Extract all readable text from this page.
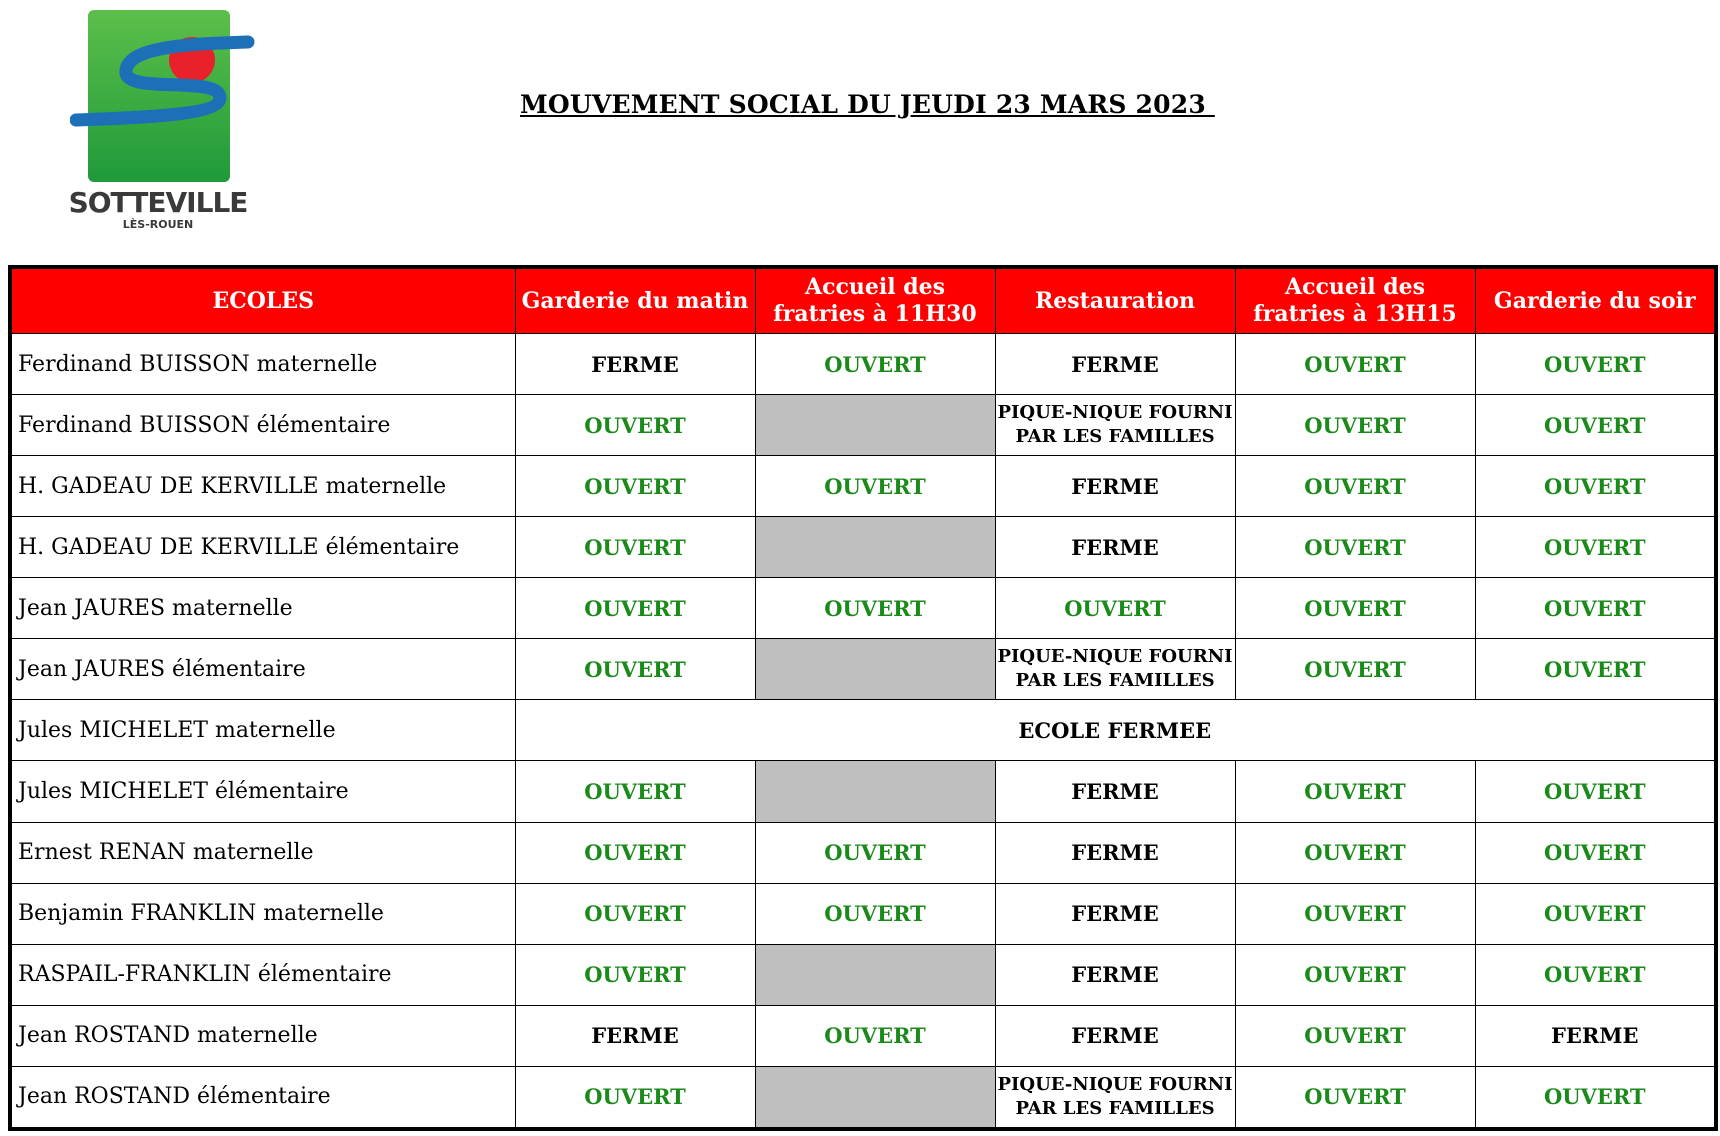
SOTTEVILLE
LÈS-ROUEN
MOUVEMENT SOCIAL DU JEUDI 23 MARS 2023
ECOLES	Garderie du matin	Accueil des fratries à 11H30	Restauration	Accueil des fratries à 13H15	Garderie du soir
Ferdinand BUISSON maternelle	FERME	OUVERT	FERME	OUVERT	OUVERT
Ferdinand BUISSON élémentaire	OUVERT		PIQUE-NIQUE FOURNI PAR LES FAMILLES	OUVERT	OUVERT
H. GADEAU DE KERVILLE maternelle	OUVERT	OUVERT	FERME	OUVERT	OUVERT
H. GADEAU DE KERVILLE élémentaire	OUVERT		FERME	OUVERT	OUVERT
Jean JAURES maternelle	OUVERT	OUVERT	OUVERT	OUVERT	OUVERT
Jean JAURES élémentaire	OUVERT		PIQUE-NIQUE FOURNI PAR LES FAMILLES	OUVERT	OUVERT
Jules MICHELET maternelle	ECOLE FERMEE				
Jules MICHELET élémentaire	OUVERT		FERME	OUVERT	OUVERT
Ernest RENAN maternelle	OUVERT	OUVERT	FERME	OUVERT	OUVERT
Benjamin FRANKLIN maternelle	OUVERT	OUVERT	FERME	OUVERT	OUVERT
RASPAIL-FRANKLIN élémentaire	OUVERT		FERME	OUVERT	OUVERT
Jean ROSTAND maternelle	FERME	OUVERT	FERME	OUVERT	FERME
Jean ROSTAND élémentaire	OUVERT		PIQUE-NIQUE FOURNI PAR LES FAMILLES	OUVERT	OUVERT
